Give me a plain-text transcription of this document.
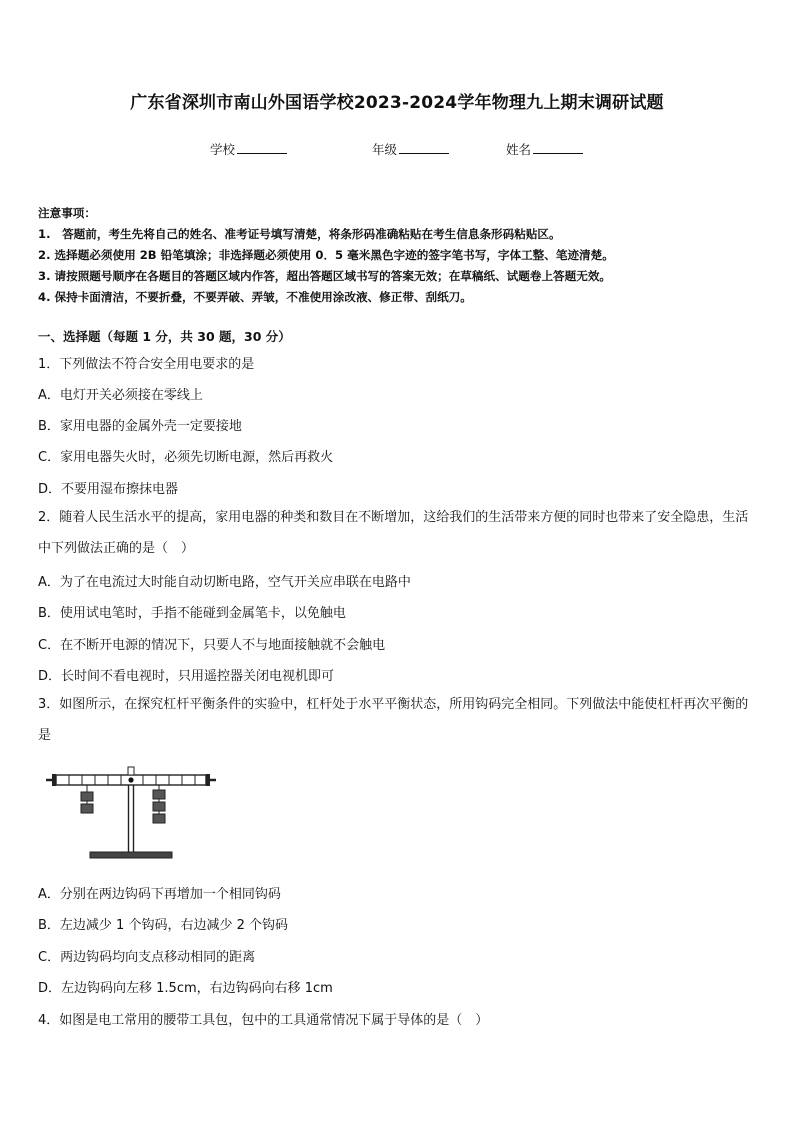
广东省深圳市南山外国语学校2023-2024学年物理九上期末调研试题
学校	年级	姓名
注意事项：
1.　答题前，考生先将自己的姓名、准考证号填写清楚，将条形码准确粘贴在考生信息条形码粘贴区。
2. 选择题必须使用 2B 铅笔填涂；非选择题必须使用 0．5 毫米黑色字迹的签字笔书写，字体工整、笔迹清楚。
3. 请按照题号顺序在各题目的答题区域内作答，超出答题区域书写的答案无效；在草稿纸、试题卷上答题无效。
4. 保持卡面清洁，不要折叠，不要弄破、弄皱，不准使用涂改液、修正带、刮纸刀。
一、选择题（每题 1 分，共 30 题，30 分）
1．下列做法不符合安全用电要求的是
A．电灯开关必须接在零线上
B．家用电器的金属外壳一定要接地
C．家用电器失火时，必须先切断电源，然后再救火
D．不要用湿布擦抹电器
2．随着人民生活水平的提高，家用电器的种类和数目在不断增加，这给我们的生活带来方便的同时也带来了安全隐患，生活中下列做法正确的是（　）
A．为了在电流过大时能自动切断电路，空气开关应串联在电路中
B．使用试电笔时，手指不能碰到金属笔卡，以免触电
C．在不断开电源的情况下，只要人不与地面接触就不会触电
D．长时间不看电视时，只用遥控器关闭电视机即可
3．如图所示，在探究杠杆平衡条件的实验中，杠杆处于水平平衡状态，所用钩码完全相同。下列做法中能使杠杆再次平衡的是
A．分别在两边钩码下再增加一个相同钩码
B．左边减少 1 个钩码，右边减少 2 个钩码
C．两边钩码均向支点移动相同的距离
D．左边钩码向左移 1.5cm，右边钩码向右移 1cm
4．如图是电工常用的腰带工具包，包中的工具通常情况下属于导体的是（　）
